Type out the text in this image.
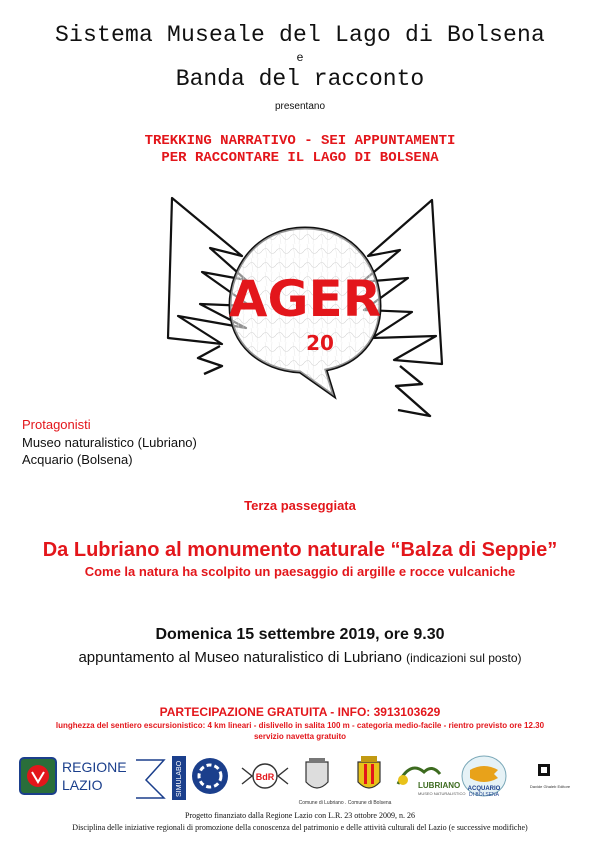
Sistema Museale del Lago di Bolsena
e
Banda del racconto
presentano
TREKKING NARRATIVO - SEI APPUNTAMENTI
PER RACCONTARE IL LAGO DI BOLSENA
AGER
20
Protagonisti
Museo naturalistico (Lubriano)
Acquario (Bolsena)
Terza passeggiata
Da Lubriano al monumento naturale “Balza di Seppie”
Come la natura ha scolpito un paesaggio di argille e rocce vulcaniche
Domenica 15 settembre 2019, ore 9.30
appuntamento al Museo naturalistico di Lubriano (indicazioni sul posto)
PARTECIPAZIONE GRATUITA - INFO: 3913103629
lunghezza del sentiero escursionistico: 4 km lineari - dislivello in salita 100 m - categoria medio-facile - rientro previsto ore 12.30
servizio navetta gratuito
REGIONE
LAZIO	SIMULABO	BdR
Comune di Lubriano . Comune di Bolsena
LUBRIANO
MUSEO NATURALISTICO
ACQUARIO
DI BOLSENA
Davide Ghaleb Editore
Progetto finanziato dalla Regione Lazio con L.R. 23 ottobre 2009, n. 26
Disciplina delle iniziative regionali di promozione della conoscenza del patrimonio e delle attività culturali del Lazio (e successive modifiche)
